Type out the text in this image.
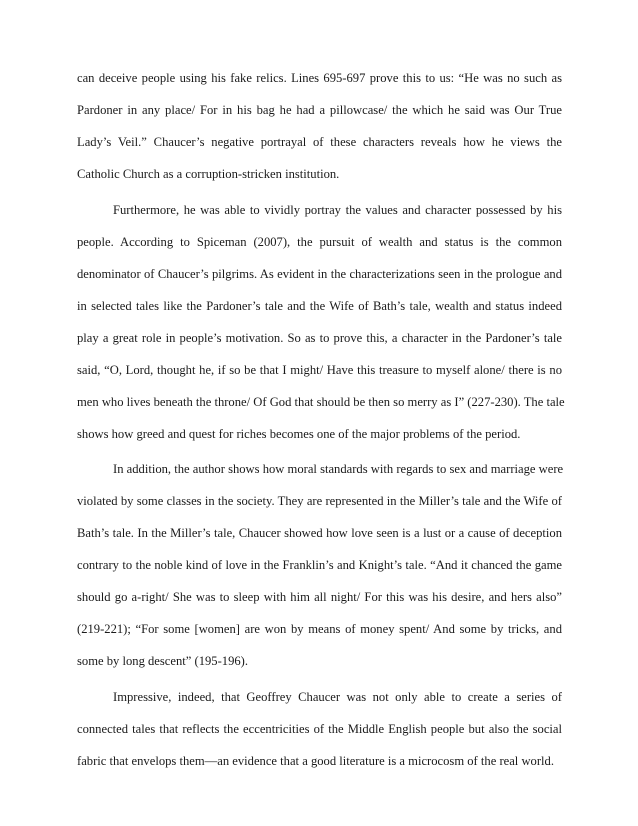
can deceive people using his fake relics. Lines 695-697 prove this to us: “He was no such as
Pardoner in any place/ For in his bag he had a pillowcase/ the which he said was Our True
Lady’s Veil.” Chaucer’s negative portrayal of these characters reveals how he views the
Catholic Church as a corruption-stricken institution.
Furthermore, he was able to vividly portray the values and character possessed by his
people. According to Spiceman (2007), the pursuit of wealth and status is the common
denominator of Chaucer’s pilgrims. As evident in the characterizations seen in the prologue and
in selected tales like the Pardoner’s tale and the Wife of Bath’s tale, wealth and status indeed
play a great role in people’s motivation. So as to prove this, a character in the Pardoner’s tale
said, “O, Lord, thought he, if so be that I might/ Have this treasure to myself alone/ there is no
men who lives beneath the throne/ Of God that should be then so merry as I” (227-230). The tale
shows how greed and quest for riches becomes one of the major problems of the period.
In addition, the author shows how moral standards with regards to sex and marriage were
violated by some classes in the society. They are represented in the Miller’s tale and the Wife of
Bath’s tale. In the Miller’s tale, Chaucer showed how love seen is a lust or a cause of deception
contrary to the noble kind of love in the Franklin’s and Knight’s tale. “And it chanced the game
should go a-right/ She was to sleep with him all night/ For this was his desire, and hers also”
(219-221); “For some [women] are won by means of money spent/ And some by tricks, and
some by long descent” (195-196).
Impressive, indeed, that Geoffrey Chaucer was not only able to create a series of
connected tales that reflects the eccentricities of the Middle English people but also the social
fabric that envelops them—an evidence that a good literature is a microcosm of the real world.
